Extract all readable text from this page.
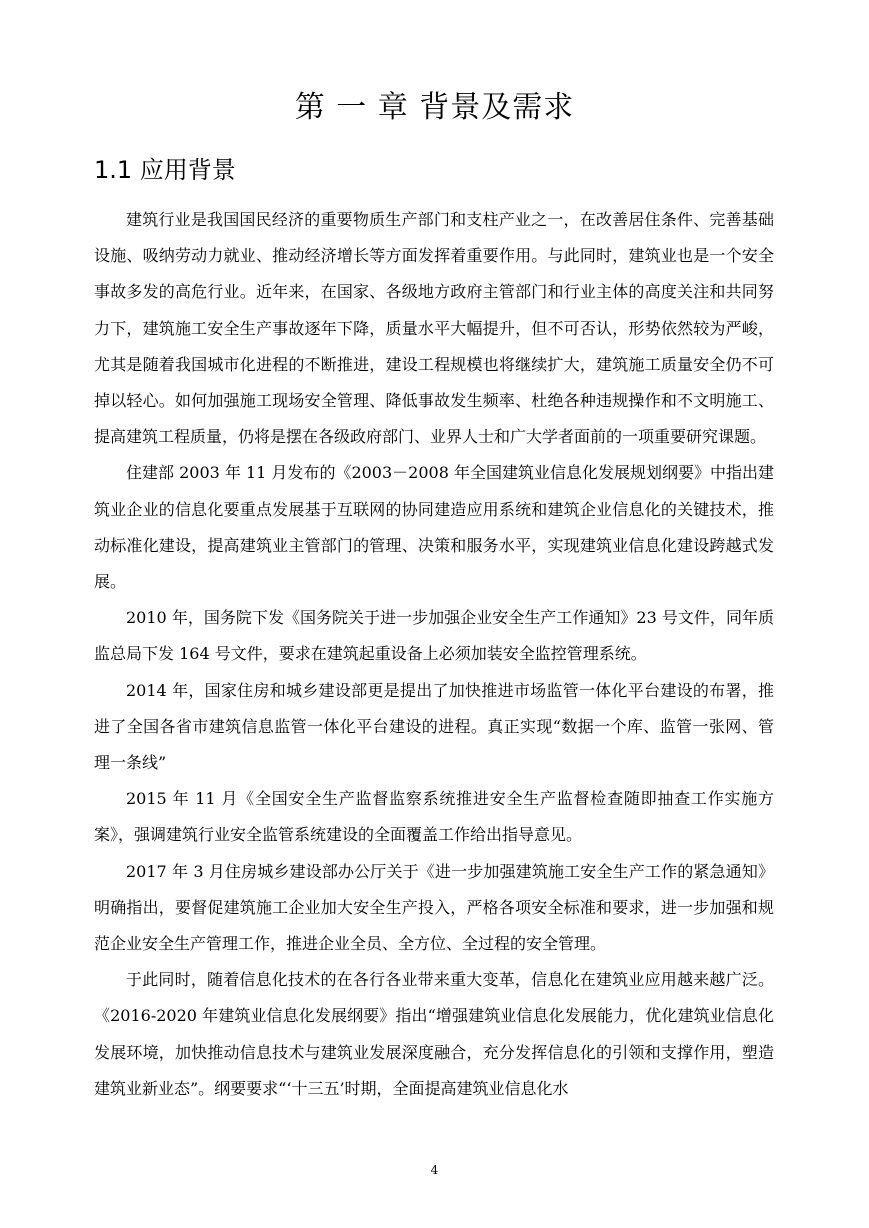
第 一 章 背景及需求
1.1 应用背景

建筑行业是我国国民经济的重要物质生产部门和支柱产业之一，在改善居住条件、完善基础设施、吸纳劳动力就业、推动经济增长等方面发挥着重要作用。与此同时，建筑业也是一个安全事故多发的高危行业。近年来，在国家、各级地方政府主管部门和行业主体的高度关注和共同努力下，建筑施工安全生产事故逐年下降，质量水平大幅提升，但不可否认，形势依然较为严峻，尤其是随着我国城市化进程的不断推进，建设工程规模也将继续扩大，建筑施工质量安全仍不可掉以轻心。如何加强施工现场安全管理、降低事故发生频率、杜绝各种违规操作和不文明施工、提高建筑工程质量，仍将是摆在各级政府部门、业界人士和广大学者面前的一项重要研究课题。

住建部 2003 年 11 月发布的《2003－2008 年全国建筑业信息化发展规划纲要》中指出建筑业企业的信息化要重点发展基于互联网的协同建造应用系统和建筑企业信息化的关键技术，推动标准化建设，提高建筑业主管部门的管理、决策和服务水平，实现建筑业信息化建设跨越式发展。

2010 年，国务院下发《国务院关于进一步加强企业安全生产工作通知》23 号文件，同年质监总局下发 164 号文件，要求在建筑起重设备上必须加装安全监控管理系统。

2014 年，国家住房和城乡建设部更是提出了加快推进市场监管一体化平台建设的布署，推进了全国各省市建筑信息监管一体化平台建设的进程。真正实现“数据一个库、监管一张网、管理一条线”

2015 年 11 月《全国安全生产监督监察系统推进安全生产监督检查随即抽查工作实施方案》，强调建筑行业安全监管系统建设的全面覆盖工作给出指导意见。

2017 年 3 月住房城乡建设部办公厅关于《进一步加强建筑施工安全生产工作的紧急通知》明确指出，要督促建筑施工企业加大安全生产投入，严格各项安全标准和要求，进一步加强和规范企业安全生产管理工作，推进企业全员、全方位、全过程的安全管理。

于此同时，随着信息化技术的在各行各业带来重大变革，信息化在建筑业应用越来越广泛。《2016-2020 年建筑业信息化发展纲要》指出“增强建筑业信息化发展能力，优化建筑业信息化发展环境，加快推动信息技术与建筑业发展深度融合，充分发挥信息化的引领和支撑作用，塑造建筑业新业态”。纲要要求“‘十三五’时期，全面提高建筑业信息化水

4
